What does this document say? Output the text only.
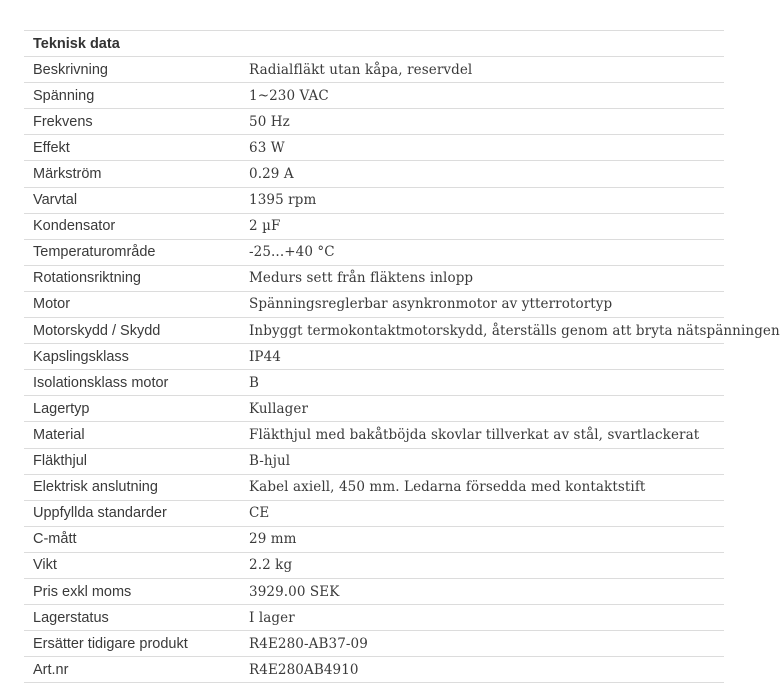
Teknisk data	
Beskrivning	Radialfläkt utan kåpa, reservdel
Spänning	1~230 VAC
Frekvens	50 Hz
Effekt	63 W
Märkström	0.29 A
Varvtal	1395 rpm
Kondensator	2 µF
Temperaturområde	-25...+40 °C
Rotationsriktning	Medurs sett från fläktens inlopp
Motor	Spänningsreglerbar asynkronmotor av ytterrotortyp
Motorskydd / Skydd	Inbyggt termokontaktmotorskydd, återställs genom att bryta nätspänningen
Kapslingsklass	IP44
Isolationsklass motor	B
Lagertyp	Kullager
Material	Fläkthjul med bakåtböjda skovlar tillverkat av stål, svartlackerat
Fläkthjul	B-hjul
Elektrisk anslutning	Kabel axiell, 450 mm. Ledarna försedda med kontaktstift
Uppfyllda standarder	CE
C-mått	29 mm
Vikt	2.2 kg
Pris exkl moms	3929.00 SEK
Lagerstatus	I lager
Ersätter tidigare produkt	R4E280-AB37-09
Art.nr	R4E280AB4910
